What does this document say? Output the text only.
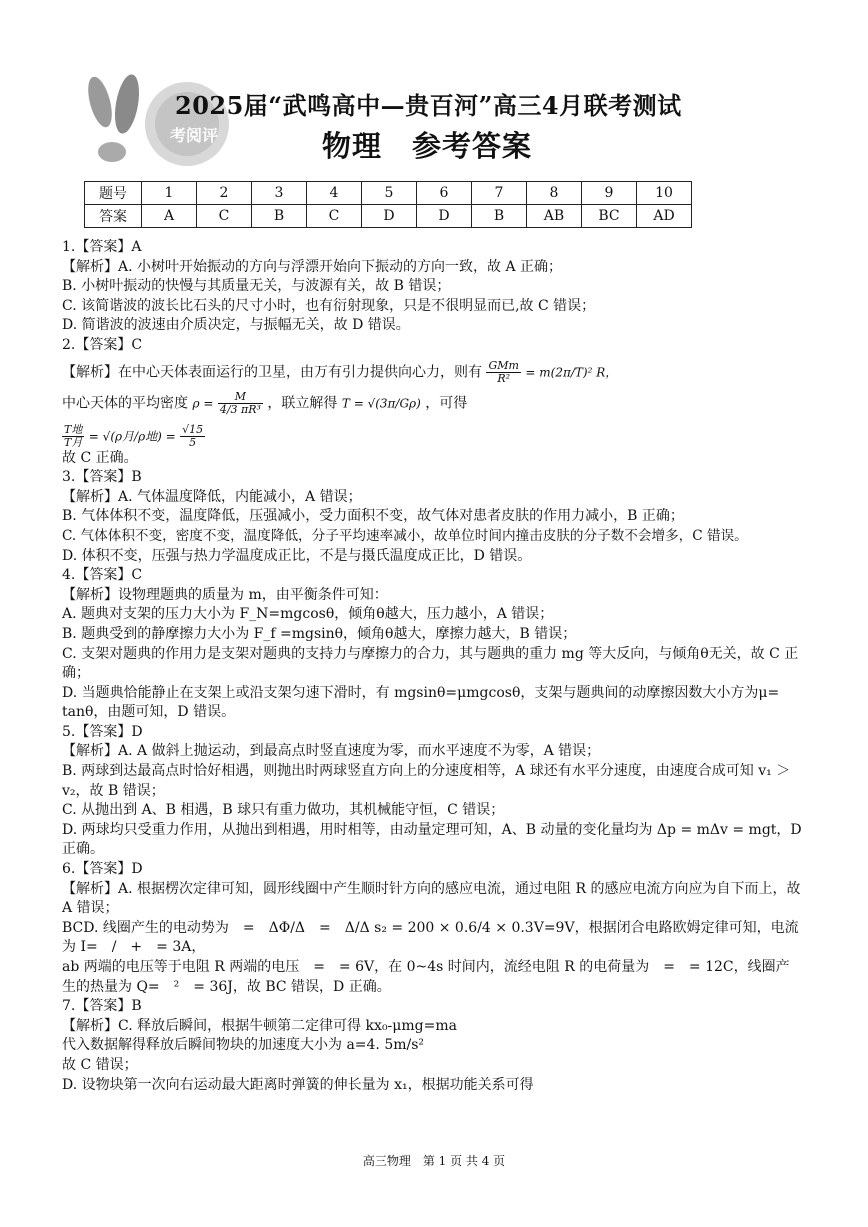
考阅评
2025届“武鸣高中—贵百河”高三4月联考测试
物理　参考答案
题号	1	2	3	4	5	6	7	8	9	10
答案	A	C	B	C	D	D	B	AB	BC	AD

1.【答案】A

【解析】A. 小树叶开始振动的方向与浮漂开始向下振动的方向一致，故 A 正确；

B. 小树叶振动的快慢与其质量无关，与波源有关，故 B 错误；

C. 该简谐波的波长比石头的尺寸小时，也有衍射现象，只是不很明显而已,故 C 错误；

D. 简谐波的波速由介质决定，与振幅无关，故 D 错误。

2.【答案】C

【解析】在中心天体表面运行的卫星，由万有引力提供向心力，则有 $\frac{\text{GMm}}{\text{R²}} = m(2\pi/T)^2$ R，

中心天体的平均密度 $\rho = \frac{M}{\text{4/3 πR³}}$ ，联立解得 T = √(3π/Gρ) ，可得

$\frac{\text{T地}}{\text{T月}} = √(\rho$月/ρ地) = $\frac{√15}{5}$

故 C 正确。

3.【答案】B

【解析】A. 气体温度降低，内能减小，A 错误；

B. 气体体积不变，温度降低，压强减小，受力面积不变，故气体对患者皮肤的作用力减小，B 正确；

C. 气体体积不变，密度不变，温度降低，分子平均速率减小，故单位时间内撞击皮肤的分子数不会增多，C 错误。

D. 体积不变，压强与热力学温度成正比，不是与摄氏温度成正比，D 错误。

4.【答案】C

【解析】设物理题典的质量为 m，由平衡条件可知：

A. 题典对支架的压力大小为 F_N=mgcosθ，倾角θ越大，压力越小，A 错误；

B. 题典受到的静摩擦力大小为 F_f =mgsinθ，倾角θ越大，摩擦力越大，B 错误；

C. 支架对题典的作用力是支架对题典的支持力与摩擦力的合力，其与题典的重力 mg 等大反向，与倾角θ无关，故 C 正确；

D. 当题典恰能静止在支架上或沿支架匀速下滑时，有 mgsinθ=μmgcosθ，支架与题典间的动摩擦因数大小方为μ= tanθ，由题可知，D 错误。

5.【答案】D

【解析】A. A 做斜上抛运动，到最高点时竖直速度为零，而水平速度不为零，A 错误；

B. 两球到达最高点时恰好相遇，则抛出时两球竖直方向上的分速度相等，A 球还有水平分速度，由速度合成可知 v₁ ＞ v₂，故 B 错误；

C. 从抛出到 A、B 相遇，B 球只有重力做功，其机械能守恒，C 错误；

D. 两球均只受重力作用，从抛出到相遇，用时相等，由动量定理可知，A、B 动量的变化量均为 Δp = mΔv = mgt，D 正确。

6.【答案】D

【解析】A. 根据楞次定律可知，圆形线圈中产生顺时针方向的感应电流，通过电阻 R 的感应电流方向应为自下而上，故 A 错误；

BCD. 线圈产生的电动势为　=　ΔΦ/Δ　=　Δ/Δ s₂ = 200 × 0.6/4 × 0.3V=9V，根据闭合电路欧姆定律可知，电流为 I=　/　+　= 3A，

ab 两端的电压等于电阻 R 两端的电压　=　= 6V，在 0~4s 时间内，流经电阻 R 的电荷量为　=　= 12C，线圈产生的热量为 Q=　²　= 36J，故 BC 错误，D 正确。

7.【答案】B

【解析】C. 释放后瞬间，根据牛顿第二定律可得 kx₀-μmg=ma

代入数据解得释放后瞬间物块的加速度大小为 a=4. 5m/s²

故 C 错误；

D. 设物块第一次向右运动最大距离时弹簧的伸长量为 x₁，根据功能关系可得

高三物理　第 1 页 共 4 页
